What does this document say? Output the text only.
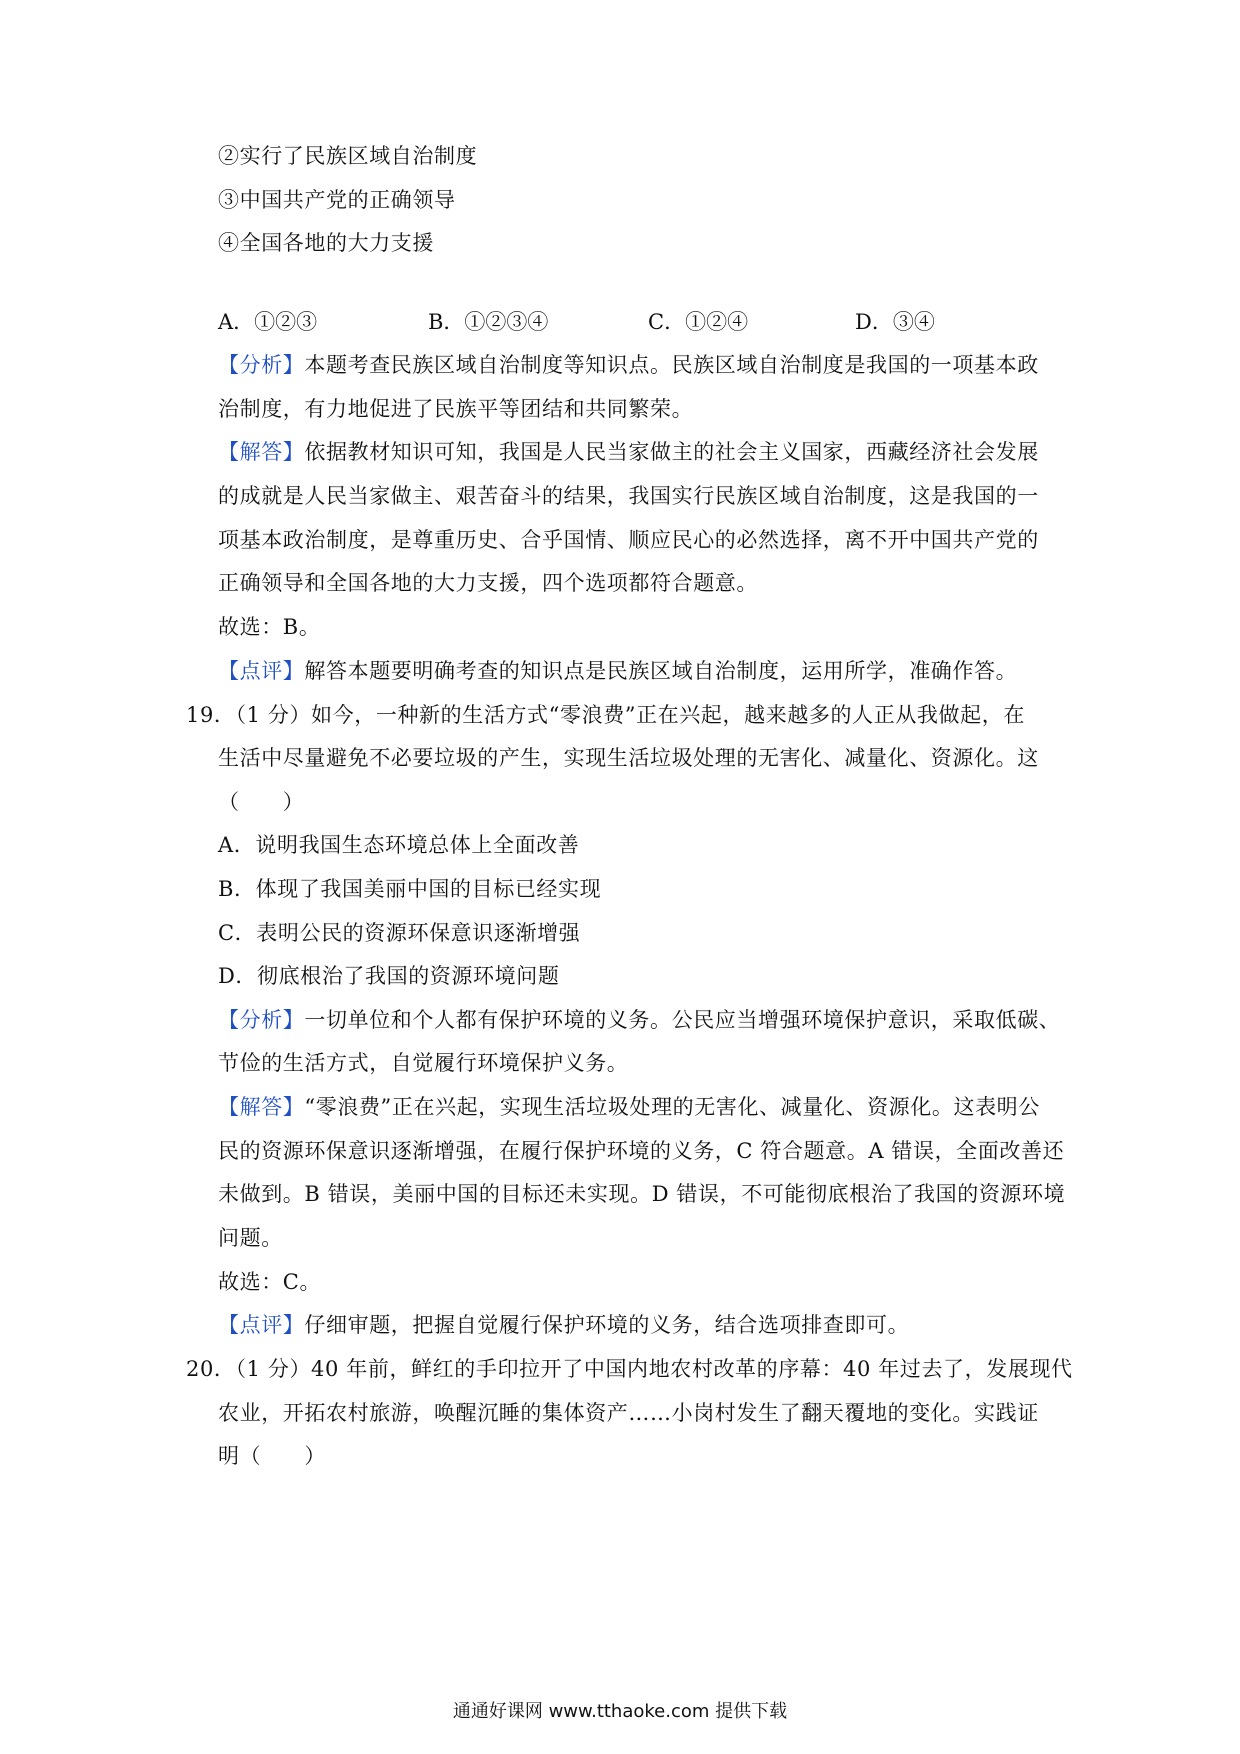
②实行了民族区域自治制度
③中国共产党的正确领导
④全国各地的大力支援
A．①②③	B．①②③④	C．①②④	D．③④
【分析】本题考查民族区域自治制度等知识点。民族区域自治制度是我国的一项基本政
治制度，有力地促进了民族平等团结和共同繁荣。
【解答】依据教材知识可知，我国是人民当家做主的社会主义国家，西藏经济社会发展
的成就是人民当家做主、艰苦奋斗的结果，我国实行民族区域自治制度，这是我国的一
项基本政治制度，是尊重历史、合乎国情、顺应民心的必然选择，离不开中国共产党的
正确领导和全国各地的大力支援，四个选项都符合题意。
故选：B。
【点评】解答本题要明确考查的知识点是民族区域自治制度，运用所学，准确作答。
19．（1 分）如今，一种新的生活方式“零浪费”正在兴起，越来越多的人正从我做起，在
生活中尽量避免不必要垃圾的产生，实现生活垃圾处理的无害化、减量化、资源化。这
（　　）
A．说明我国生态环境总体上全面改善
B．体现了我国美丽中国的目标已经实现
C．表明公民的资源环保意识逐渐增强
D．彻底根治了我国的资源环境问题
【分析】一切单位和个人都有保护环境的义务。公民应当增强环境保护意识，采取低碳、
节俭的生活方式，自觉履行环境保护义务。
【解答】“零浪费”正在兴起，实现生活垃圾处理的无害化、减量化、资源化。这表明公
民的资源环保意识逐渐增强，在履行保护环境的义务，C 符合题意。A 错误，全面改善还
未做到。B 错误，美丽中国的目标还未实现。D 错误，不可能彻底根治了我国的资源环境
问题。
故选：C。
【点评】仔细审题，把握自觉履行保护环境的义务，结合选项排查即可。
20．（1 分）40 年前，鲜红的手印拉开了中国内地农村改革的序幕：40 年过去了，发展现代
农业，开拓农村旅游，唤醒沉睡的集体资产……小岗村发生了翻天覆地的变化。实践证
明（　　）
通通好课网 www.tthaoke.com 提供下载
